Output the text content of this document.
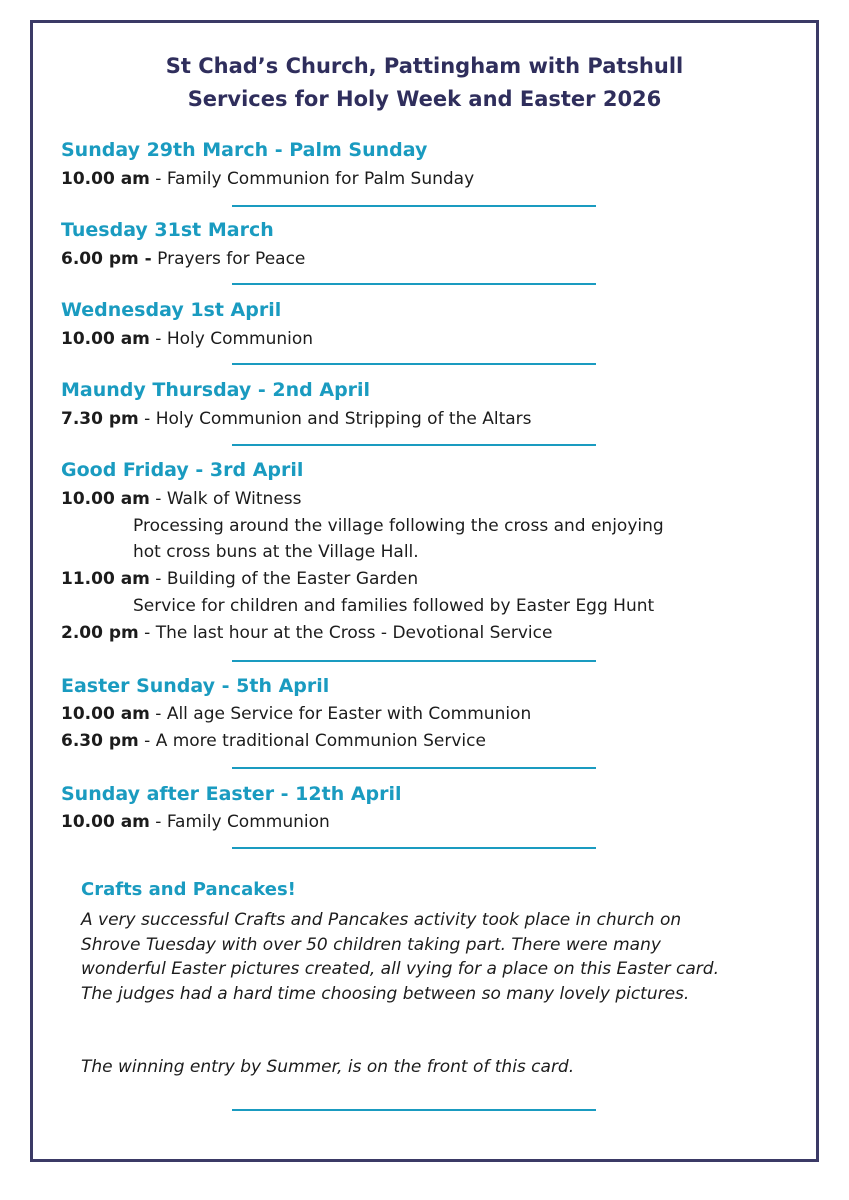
St Chad’s Church, Pattingham with Patshull
Services for Holy Week and Easter 2026
Sunday 29th March - Palm Sunday
10.00 am - Family Communion for Palm Sunday
Tuesday 31st March
6.00 pm - Prayers for Peace
Wednesday 1st April
10.00 am - Holy Communion
Maundy Thursday - 2nd April
7.30 pm - Holy Communion and Stripping of the Altars
Good Friday - 3rd April
10.00 am - Walk of Witness
Processing around the village following the cross and enjoying
hot cross buns at the Village Hall.
11.00 am - Building of the Easter Garden
Service for children and families followed by Easter Egg Hunt
2.00 pm - The last hour at the Cross - Devotional Service
Easter Sunday - 5th April
10.00 am - All age Service for Easter with Communion
6.30 pm - A more traditional Communion Service
Sunday after Easter - 12th April
10.00 am - Family Communion
Crafts and Pancakes!
A very successful Crafts and Pancakes activity took place in church on Shrove Tuesday with over 50 children taking part. There were many wonderful Easter pictures created, all vying for a place on this Easter card. The judges had a hard time choosing between so many lovely pictures.
The winning entry by Summer, is on the front of this card.
